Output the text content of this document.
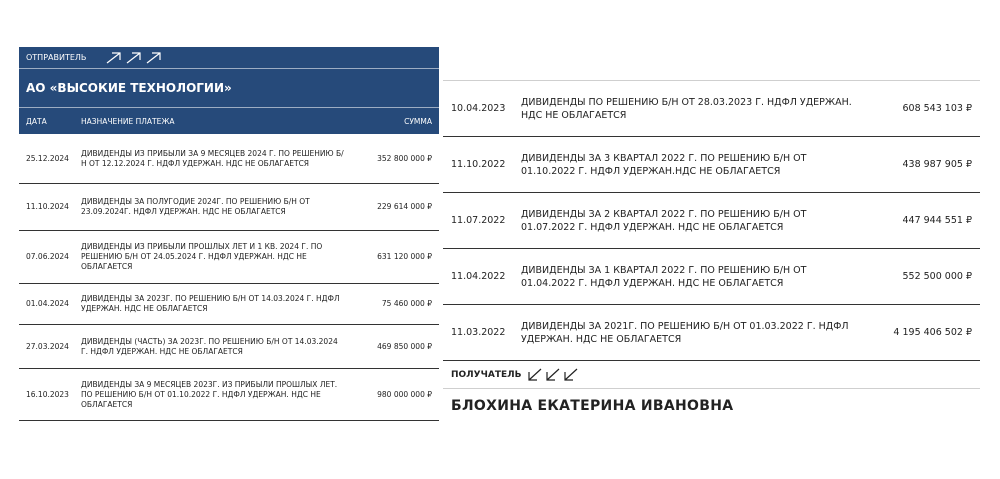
ОТПРАВИТЕЛЬ
АО «ВЫСОКИЕ ТЕХНОЛОГИИ»
ДАТА	НАЗНАЧЕНИЕ ПЛАТЕЖА	СУММА
25.12.2024
ДИВИДЕНДЫ ИЗ ПРИБЫЛИ ЗА 9 МЕСЯЦЕВ 2024 Г. ПО РЕШЕНИЮ Б/Н ОТ 12.12.2024 Г. НДФЛ УДЕРЖАН. НДС НЕ ОБЛАГАЕТСЯ
352 800 000 ₽
11.10.2024
ДИВИДЕНДЫ ЗА ПОЛУГОДИЕ 2024Г. ПО РЕШЕНИЮ Б/Н ОТ 23.09.2024Г. НДФЛ УДЕРЖАН. НДС НЕ ОБЛАГАЕТСЯ
229 614 000 ₽
07.06.2024
ДИВИДЕНДЫ ИЗ ПРИБЫЛИ ПРОШЛЫХ ЛЕТ И 1 КВ. 2024 Г. ПО РЕШЕНИЮ Б/Н ОТ 24.05.2024 Г. НДФЛ УДЕРЖАН. НДС НЕ ОБЛАГАЕТСЯ
631 120 000 ₽
01.04.2024
ДИВИДЕНДЫ ЗА 2023Г. ПО РЕШЕНИЮ Б/Н ОТ 14.03.2024 Г. НДФЛ УДЕРЖАН. НДС НЕ ОБЛАГАЕТСЯ
75 460 000 ₽
27.03.2024
ДИВИДЕНДЫ (ЧАСТЬ) ЗА 2023Г. ПО РЕШЕНИЮ Б/Н ОТ 14.03.2024 Г. НДФЛ УДЕРЖАН. НДС НЕ ОБЛАГАЕТСЯ
469 850 000 ₽
16.10.2023
ДИВИДЕНДЫ ЗА 9 МЕСЯЦЕВ 2023Г. ИЗ ПРИБЫЛИ ПРОШЛЫХ ЛЕТ. ПО РЕШЕНИЮ Б/Н ОТ 01.10.2022 Г. НДФЛ УДЕРЖАН. НДС НЕ ОБЛАГАЕТСЯ
980 000 000 ₽
10.04.2023
ДИВИДЕНДЫ ПО РЕШЕНИЮ Б/Н ОТ 28.03.2023 Г. НДФЛ УДЕРЖАН. НДС НЕ ОБЛАГАЕТСЯ
608 543 103 ₽
11.10.2022
ДИВИДЕНДЫ ЗА 3 КВАРТАЛ 2022 Г. ПО РЕШЕНИЮ Б/Н ОТ 01.10.2022 Г. НДФЛ УДЕРЖАН.НДС НЕ ОБЛАГАЕТСЯ
438 987 905 ₽
11.07.2022
ДИВИДЕНДЫ ЗА 2 КВАРТАЛ 2022 Г. ПО РЕШЕНИЮ Б/Н ОТ 01.07.2022 Г. НДФЛ УДЕРЖАН. НДС НЕ ОБЛАГАЕТСЯ
447 944 551 ₽
11.04.2022
ДИВИДЕНДЫ ЗА 1 КВАРТАЛ 2022 Г. ПО РЕШЕНИЮ Б/Н ОТ 01.04.2022 Г. НДФЛ УДЕРЖАН. НДС НЕ ОБЛАГАЕТСЯ
552 500 000 ₽
11.03.2022
ДИВИДЕНДЫ ЗА 2021Г. ПО РЕШЕНИЮ Б/Н ОТ 01.03.2022 Г. НДФЛ УДЕРЖАН. НДС НЕ ОБЛАГАЕТСЯ
4 195 406 502 ₽
ПОЛУЧАТЕЛЬ
БЛОХИНА ЕКАТЕРИНА ИВАНОВНА
